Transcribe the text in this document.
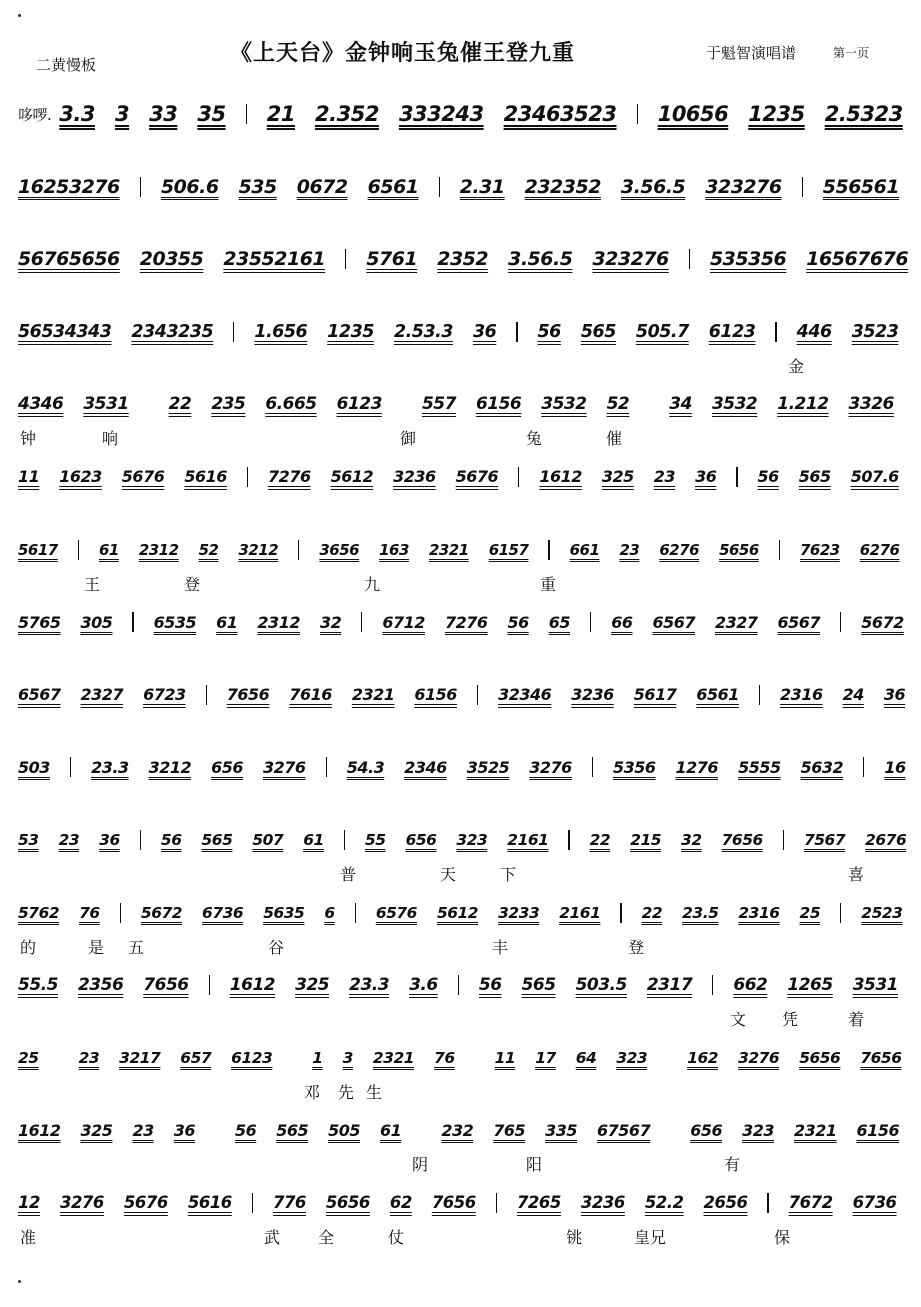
《上天台》金钟响玉兔催王登九重
二黄慢板
于魁智演唱谱	第一页
哆啰. 3.3 3 33 35 21 2.352 333243 23463523 10656 1235 2.5323
16253276 506.6 535 0672 6561 2.31 232352 3.56.5 323276 556561
56765656 20355 23552161 5761 2352 3.56.5 323276 535356 16567676
56534343 2343235 1.656 1235 2.53.3 36 56 565 505.7 6123 446 3523
金
4346 3531 22 235 6.665 6123 557 6156 3532 52 34 3532 1.212 3326
钟	响	御	兔	催
11 1623 5676 5616	7276 5612 3236 5676	1612 325 23 36	56 565 507.6
5617	61 2312 52 3212	3656 163 2321 6157	661 23 6276 5656	7623 6276
王	登	九	重
5765 305	6535 61 2312 32	6712 7276 56 65	66 6567 2327 6567	5672
6567 2327 6723	7656 7616 2321 6156	32346 3236 5617 6561	2316 24 36
503	23.3 3212 656 3276	54.3 2346 3525 3276	5356 1276 5555 5632	16
53 23 36	56 565 507 61	55 656 323 2161	22 215 32 7656	7567 2676
普	天	下	喜
5762 76	5672 6736 5635 6	6576 5612 3233 2161	22 23.5 2316 25	2523
的	是 五	谷	丰	登
55.5 2356 7656 1612 325 23.3 3.6 56 565 503.5 2317 662 1265 3531
文 凭	着
25	23 3217 657 6123	1 3 2321 76	11 17 64 323	162 3276 5656 7656
邓 先 生
1612 325 23 36	56 565 505 61	232 765 335 67567	656 323 2321 6156
阴	阳	有
12 3276 5676 5616 776 5656 62 7656 7265 3236 52.2 2656 7672 6736
准	武 全	仗	铫	皇兄	保
